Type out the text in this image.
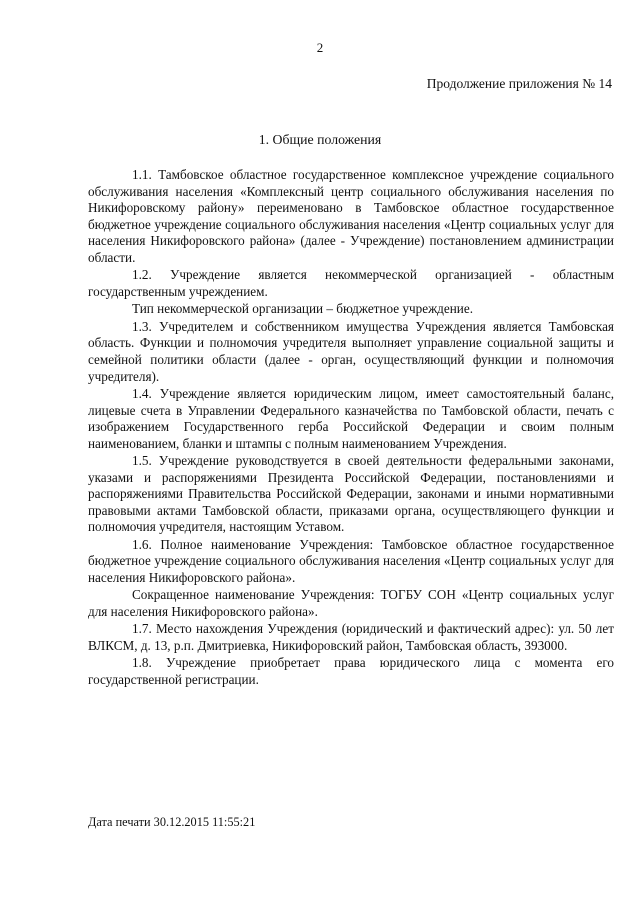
2
Продолжение приложения № 14
1. Общие положения

1.1. Тамбовское областное государственное комплексное учреждение социального обслуживания населения «Комплексный центр социального обслуживания населения по Никифоровскому району» переименовано в Тамбовское областное государственное бюджетное учреждение социального обслуживания населения «Центр социальных услуг для населения Никифоровского района» (далее - Учреждение) постановлением администрации области.

1.2. Учреждение является некоммерческой организацией - областным государственным учреждением.

Тип некоммерческой организации – бюджетное учреждение.

1.3. Учредителем и собственником имущества Учреждения является Тамбовская область. Функции и полномочия учредителя выполняет управление социальной защиты и семейной политики области (далее - орган, осуществляющий функции и полномочия учредителя).

1.4. Учреждение является юридическим лицом, имеет самостоятельный баланс, лицевые счета в Управлении Федерального казначейства по Тамбовской области, печать с изображением Государственного герба Российской Федерации и своим полным наименованием, бланки и штампы с полным наименованием Учреждения.

1.5. Учреждение руководствуется в своей деятельности федеральными законами, указами и распоряжениями Президента Российской Федерации, постановлениями и распоряжениями Правительства Российской Федерации, законами и иными нормативными правовыми актами Тамбовской области, приказами органа, осуществляющего функции и полномочия учредителя, настоящим Уставом.

1.6. Полное наименование Учреждения: Тамбовское областное государственное бюджетное учреждение социального обслуживания населения «Центр социальных услуг для населения Никифоровского района».

Сокращенное наименование Учреждения: ТОГБУ СОН «Центр социальных услуг для населения Никифоровского района».

1.7. Место нахождения Учреждения (юридический и фактический адрес): ул. 50 лет ВЛКСМ, д. 13, р.п. Дмитриевка, Никифоровский район, Тамбовская область, 393000.

1.8. Учреждение приобретает права юридического лица с момента его государственной регистрации.

Дата печати 30.12.2015 11:55:21
